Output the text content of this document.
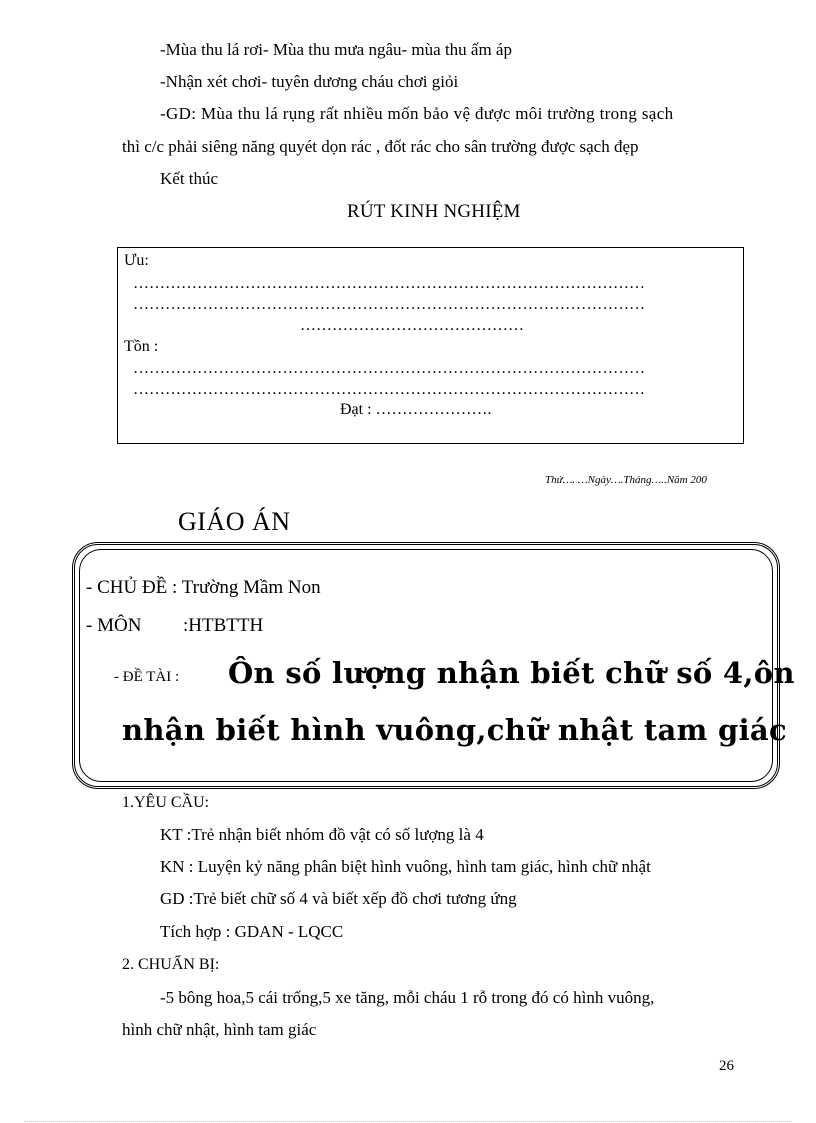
-Mùa thu lá rơi- Mùa thu mưa ngâu- mùa thu ấm áp
-Nhận xét chơi- tuyên dương cháu chơi giỏi
-GD: Mùa thu lá rụng rất nhiều mốn bảo vệ được môi trường trong sạch
thì c/c phải siêng năng quyét dọn rác , đốt rác cho sân trường được sạch đẹp
Kết thúc
RÚT KINH NGHIỆM
Ưu:
……………………………………………………………………………………
……………………………………………………………………………………
……………………………………
Tồn :
……………………………………………………………………………………
……………………………………………………………………………………
Đạt : ………………….
Thứ…. …Ngày….Tháng…..Năm 200
GIÁO ÁN
- CHỦ ĐỀ : Trường Mầm Non
- MÔN :HTBTTH
- ĐỀ TÀI : Ôn số lượng nhận biết chữ số 4,ôn
nhận biết hình vuông,chữ nhật tam giác
1.YÊU CẦU:
KT :Trẻ nhận biết nhóm đồ vật có số lượng là 4
KN : Luyện kỷ năng phân biệt hình vuông, hình tam giác, hình chữ nhật
GD :Trẻ biết chữ số 4 và biết xếp đồ chơi tương ứng
Tích hợp : GDAN - LQCC
2. CHUẨN BỊ:
-5 bông hoa,5 cái trống,5 xe tăng, mỗi cháu 1 rỗ trong đó có hình vuông,
hình chữ nhật, hình tam giác
26
